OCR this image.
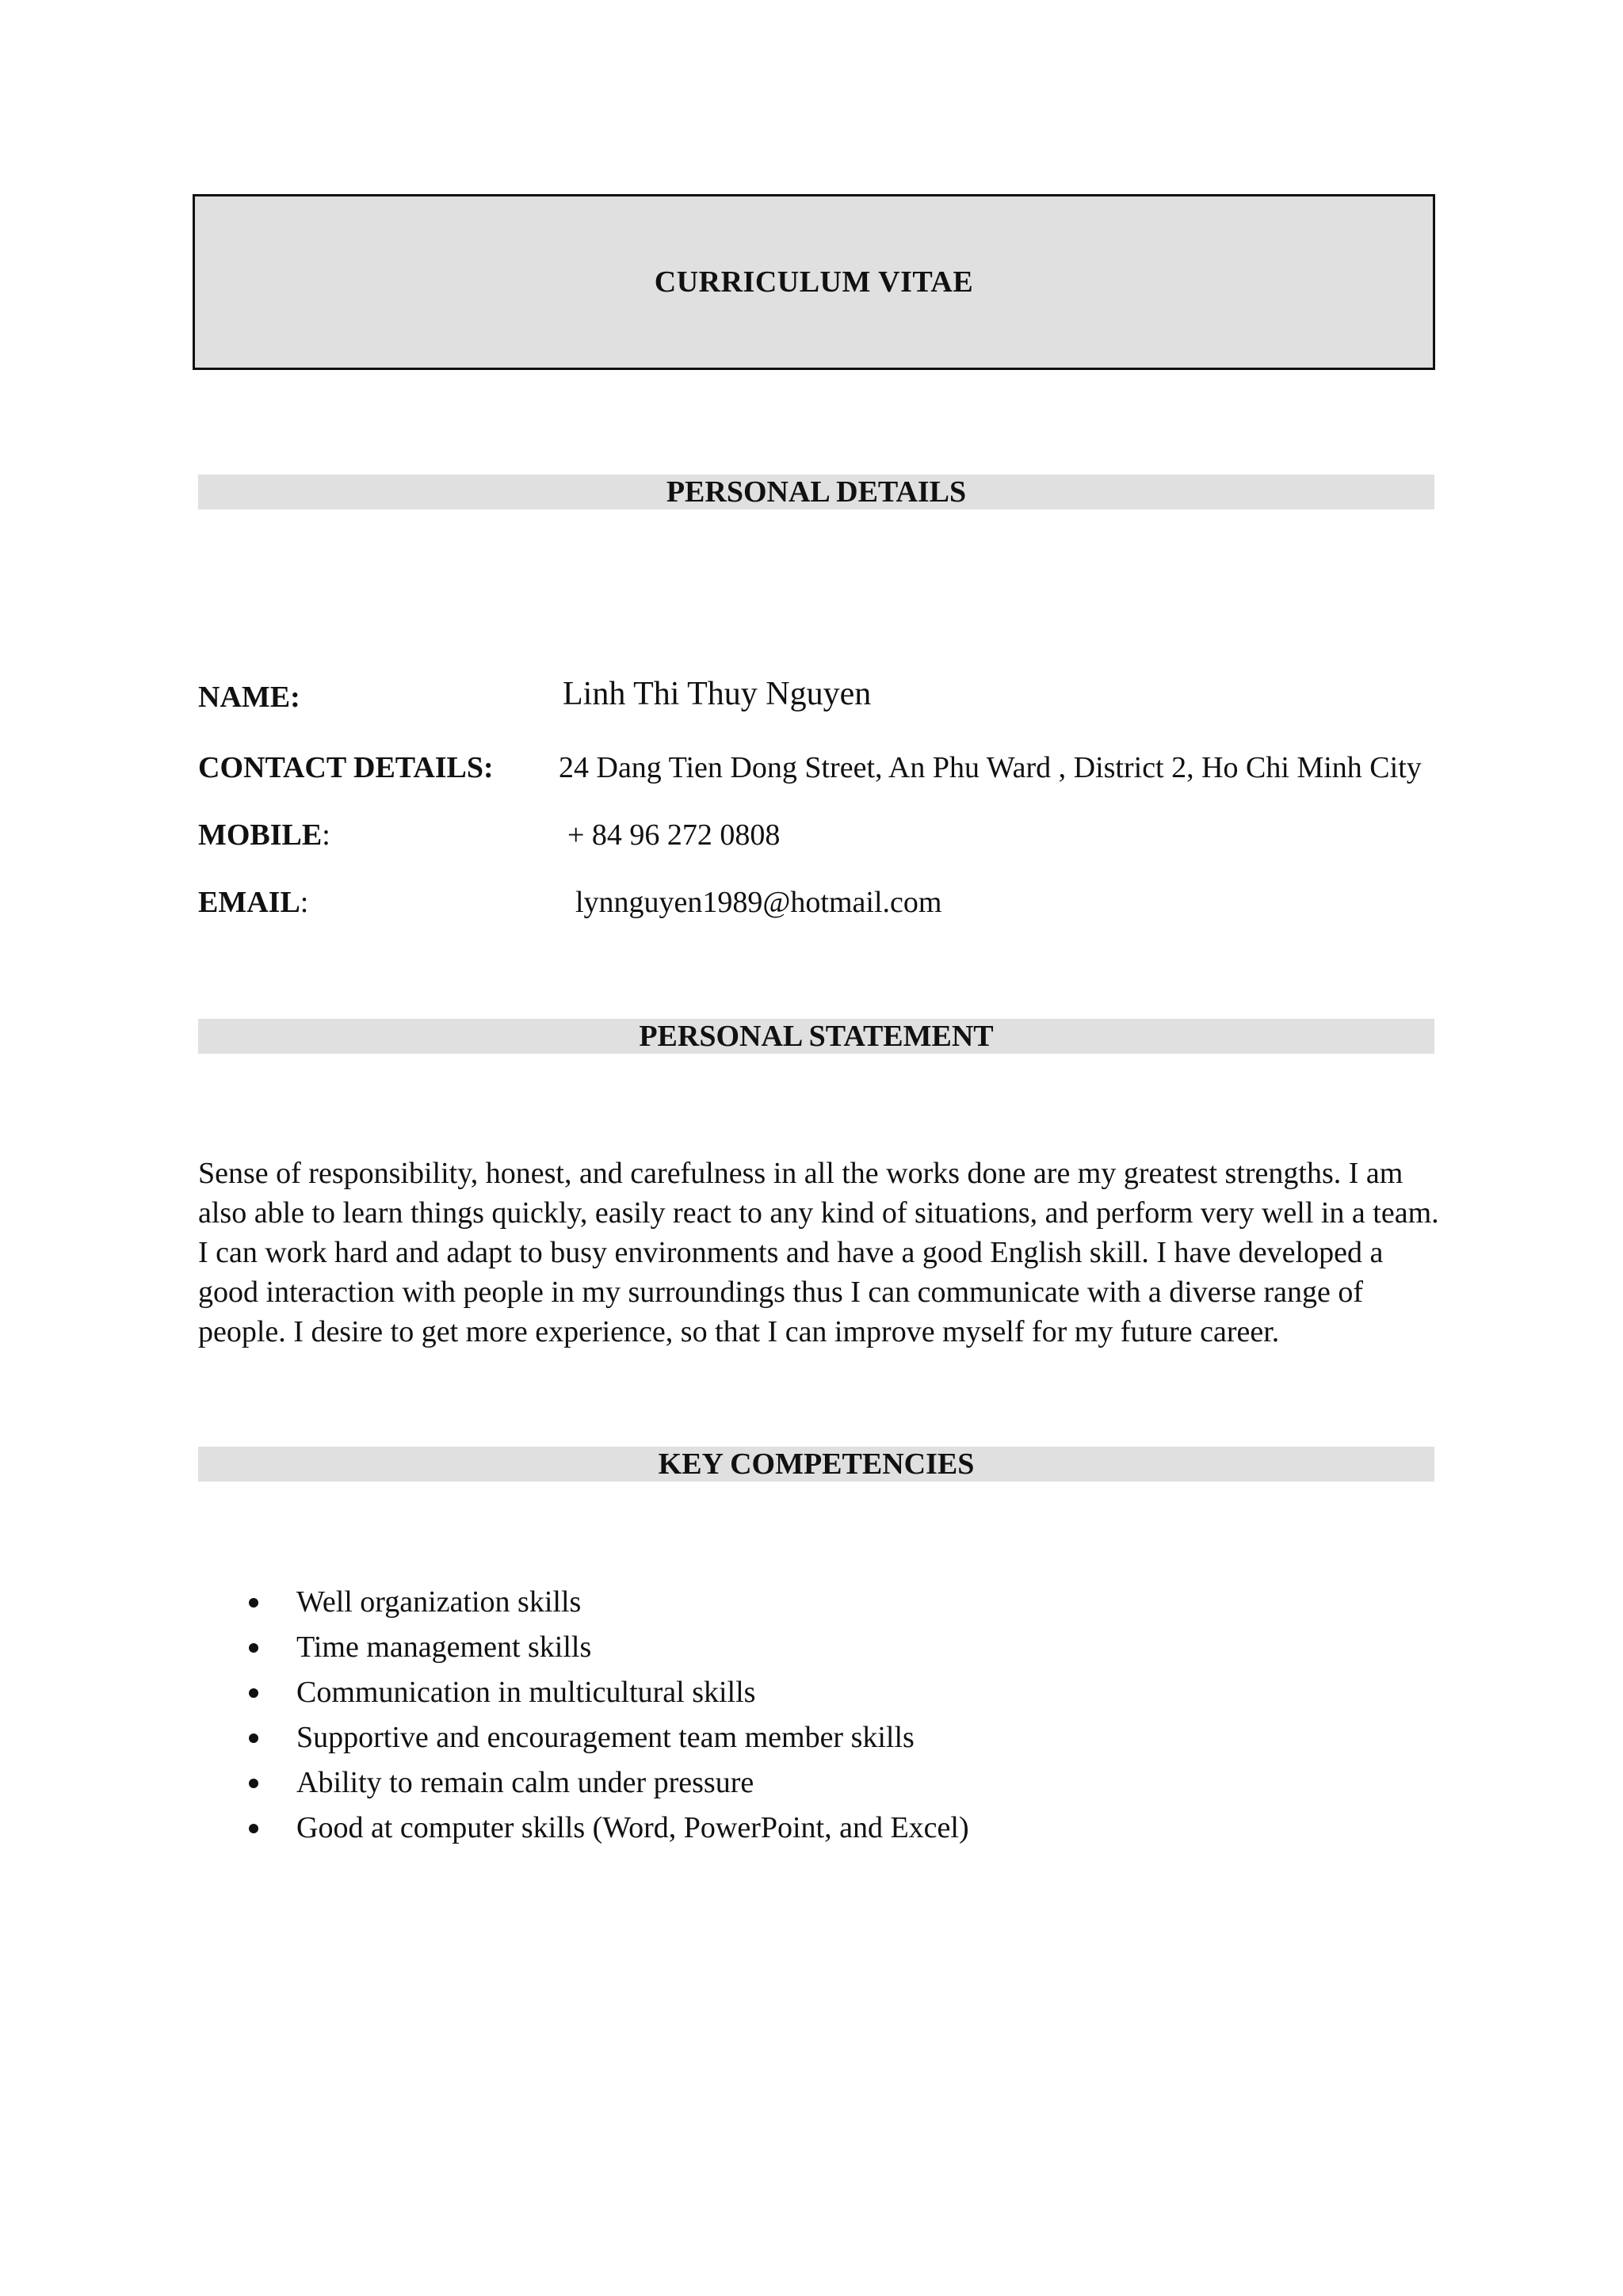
CURRICULUM VITAE
PERSONAL DETAILS
NAME:	Linh Thi Thuy Nguyen
CONTACT DETAILS: 24 Dang Tien Dong Street, An Phu Ward , District 2, Ho Chi Minh City
MOBILE:	+ 84 96 272 0808
EMAIL:	lynnguyen1989@hotmail.com
PERSONAL STATEMENT

Sense of responsibility, honest, and carefulness in all the works done are my greatest strengths. I am also able to learn things quickly, easily react to any kind of situations, and perform very well in a team. I can work hard and adapt to busy environments and have a good English skill. I have developed a good interaction with people in my surroundings thus I can communicate with a diverse range of people. I desire to get more experience, so that I can improve myself for my future career.

KEY COMPETENCIES
Well organization skills
Time management skills
Communication in multicultural skills
Supportive and encouragement team member skills
Ability to remain calm under pressure
Good at computer skills (Word, PowerPoint, and Excel)
